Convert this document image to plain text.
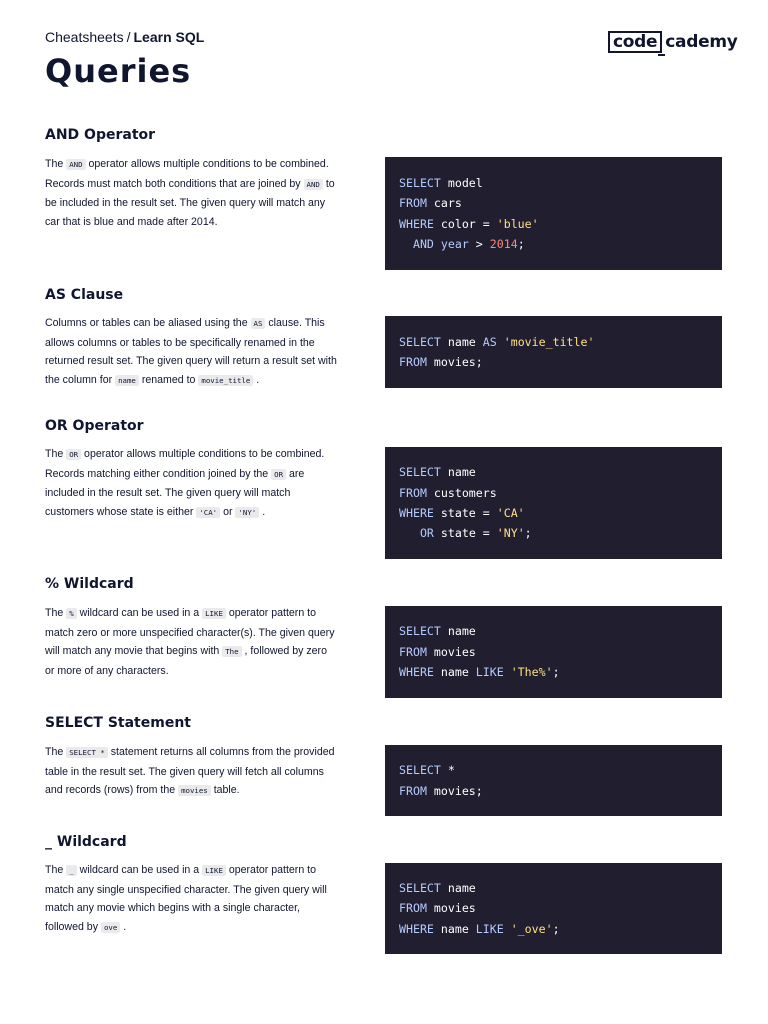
Cheatsheets / Learn SQL	code cademy
Queries
AND Operator

The AND operator allows multiple conditions to be combined. Records must match both conditions that are joined by AND to be included in the result set. The given query will match any car that is blue and made after 2014.

SELECT model
FROM cars
WHERE color = 'blue'
AND year > 2014;
AS Clause

Columns or tables can be aliased using the AS clause. This allows columns or tables to be specifically renamed in the returned result set. The given query will return a result set with the column for name renamed to movie_title .

SELECT name AS 'movie_title'
FROM movies;
OR Operator

The OR operator allows multiple conditions to be combined. Records matching either condition joined by the OR are included in the result set. The given query will match customers whose state is either 'CA' or 'NY' .

SELECT name
FROM customers
WHERE state = 'CA'
OR state = 'NY';
% Wildcard

The % wildcard can be used in a LIKE operator pattern to match zero or more unspecified character(s). The given query will match any movie that begins with The , followed by zero or more of any characters.

SELECT name
FROM movies
WHERE name LIKE 'The%';
SELECT Statement

The SELECT * statement returns all columns from the provided table in the result set. The given query will fetch all columns and records (rows) from the movies table.

SELECT *
FROM movies;
_ Wildcard

The _ wildcard can be used in a LIKE operator pattern to match any single unspecified character. The given query will match any movie which begins with a single character, followed by ove .

SELECT name
FROM movies
WHERE name LIKE '_ove';
